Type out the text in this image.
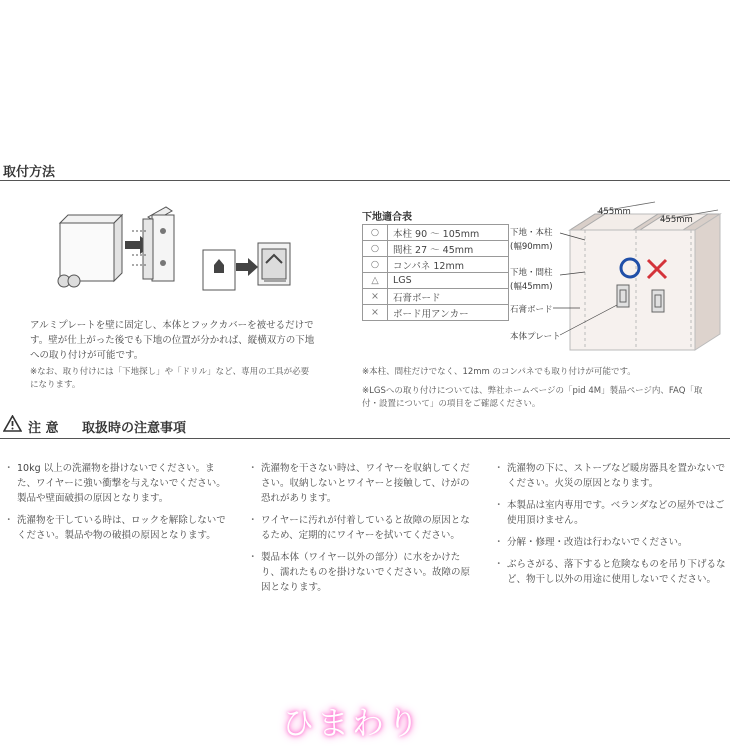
取付方法
アルミプレートを壁に固定し、本体とフックカバーを被せるだけです。壁が仕上がった後でも下地の位置が分かれば、縦横双方の下地への取り付けが可能です。
※なお、取り付けには「下地探し」や「ドリル」など、専用の工具が必要になります。
下地適合表
○	本柱 90 〜 105mm
○	間柱 27 〜 45mm
○	コンパネ 12mm
△	LGS
×	石膏ボード
×	ボード用アンカー
455mm
455mm
下地・本柱
(幅90mm)
下地・間柱
(幅45mm)
石膏ボード
本体プレート
※本柱、間柱だけでなく、12mm のコンパネでも取り付けが可能です。
※LGSへの取り付けについては、弊社ホームページの「pid 4M」製品ページ内、FAQ「取付・設置について」の項目をご確認ください。
注 意 取扱時の注意事項
・ 10kg 以上の洗濯物を掛けないでください。また、ワイヤーに強い衝撃を与えないでください。製品や壁面破損の原因となります。
・ 洗濯物を干している時は、ロックを解除しないでください。製品や物の破損の原因となります。
・ 洗濯物を干さない時は、ワイヤーを収納してください。収納しないとワイヤーと接触して、けがの恐れがあります。
・ ワイヤーに汚れが付着していると故障の原因となるため、定期的にワイヤーを拭いてください。
・ 製品本体（ワイヤー以外の部分）に水をかけたり、濡れたものを掛けないでください。故障の原因となります。
・ 洗濯物の下に、ストーブなど暖房器具を置かないでください。火災の原因となります。
・ 本製品は室内専用です。ベランダなどの屋外ではご使用頂けません。
・ 分解・修理・改造は行わないでください。
・ ぶらさがる、落下すると危険なものを吊り下げるなど、物干し以外の用途に使用しないでください。
ひまわり
